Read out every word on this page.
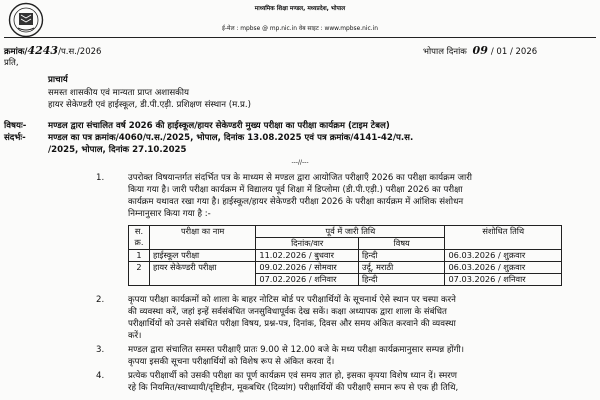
माध्यमिक शिक्षा मण्डल, मध्यप्रदेश, भोपाल
ई-मेल : mpbse @ mp.nic.in वेब साइट : www.mpbse.nic.in
क्रमांक/4243/प.स./2026	भोपाल दिनांक 09 / 01 / 2026
प्रति,
प्राचार्य
समस्त शासकीय एवं मान्यता प्राप्त अशासकीय
हायर सेकेण्डरी एवं हाईस्कूल, डी.पी.एड़ी. प्रशिक्षण संस्थान (म.प्र.)
विषयः-	मण्डल द्वारा संचालित वर्ष 2026 की हाईस्कूल/हायर सेकेण्डरी मुख्य परीक्षा का परीक्षा कार्यक्रम (टाइम टेबल)
संदर्भः-	मण्डल का पत्र क्रमांक/4060/प.स./2025, भोपाल, दिनांक 13.08.2025 एवं पत्र क्रमांक/4141-42/प.स.
/2025, भोपाल, दिनांक 27.10.2025
---//---
1.	उपरोक्त विषयान्तर्गत संदर्भित पत्र के माध्यम से मण्डल द्वारा आयोजित परीक्षाएँ 2026 का परीक्षा कार्यक्रम जारी
किया गया है। जारी परीक्षा कार्यक्रम में विद्यालय पूर्व शिक्षा में डिप्लोमा (डी.पी.एड़ी.) परीक्षा 2026 का परीक्षा
कार्यक्रम यथावत रखा गया है। हाईस्कूल/हायर सेकेण्डरी परीक्षा 2026 के परीक्षा कार्यक्रम में आंशिक संशोधन
निम्नानुसार किया गया है :-
स.
क्र.	परीक्षा का नाम	पूर्व में जारी तिथि		संशोधित तिथि
		दिनांक/वार	विषय	
1	हाईस्कूल परीक्षा	11.02.2026 / बुधवार	हिन्दी	06.03.2026 / शुक्रवार
2	हायर सेकेण्डरी परीक्षा	09.02.2026 / सोमवार	उर्दू, मराठी	06.03.2026 / शुक्रवार
		07.02.2026 / शनिवार	हिन्दी	07.03.2026 / शनिवार
2.	कृपया परीक्षा कार्यक्रमों को शाला के बाहर नोटिस बोर्ड पर परीक्षार्थियों के सूचनार्थ ऐसे स्थान पर चस्पा करने
की व्यवस्था करें, जहां इन्हें सर्वसंबंधित जनसुविधापूर्वक देख सकें। कक्षा अध्यापक द्वारा शाला के संबंधित
परीक्षार्थियों को उनसे संबंधित परीक्षा विषय, प्रश्न-पत्र, दिनांक, दिवस और समय अंकित करवाने की व्यवस्था
करें।
3.	मण्डल द्वारा संचालित समस्त परीक्षाएँ प्रातः 9.00 से 12.00 बजे के मध्य परीक्षा कार्यक्रमानुसार सम्पन्न होंगी।
कृपया इसकी सूचना परीक्षार्थियों को विशेष रूप से अंकित करवा दें।
4.	प्रत्येक परीक्षार्थी को उसकी परीक्षा का पूर्ण कार्यक्रम एवं समय ज्ञात हो, इसका कृपया विशेष ध्यान दें। स्मरण
रहे कि नियमित/स्वाध्यायी/दृष्टिहीन, मूकबधिर (दिव्यांग) परीक्षार्थियों की परीक्षाएँ समान रूप से एक ही तिथि,
